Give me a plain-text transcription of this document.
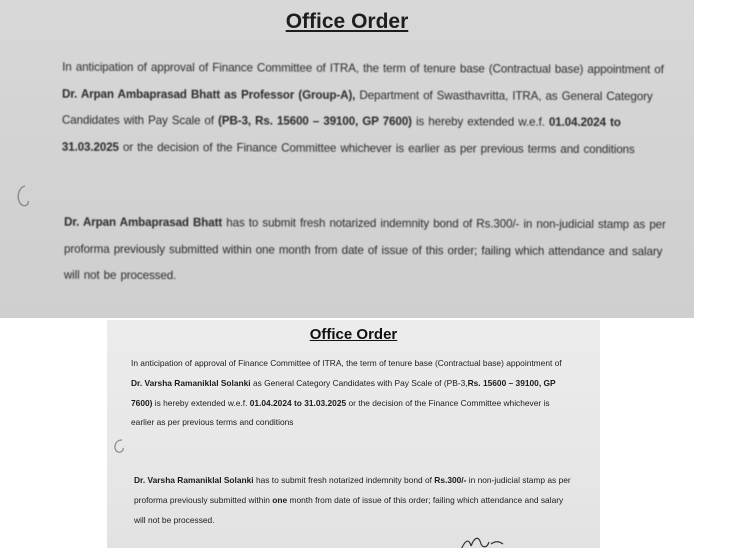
Office Order

In anticipation of approval of Finance Committee of ITRA, the term of tenure base (Contractual base) appointment of Dr. Arpan Ambaprasad Bhatt as Professor (Group-A), Department of Swasthavritta, ITRA, as General Category Candidates with Pay Scale of (PB-3, Rs. 15600 – 39100, GP 7600) is hereby extended w.e.f. 01.04.2024 to 31.03.2025 or the decision of the Finance Committee whichever is earlier as per previous terms and conditions

Dr. Arpan Ambaprasad Bhatt has to submit fresh notarized indemnity bond of Rs.300/- in non-judicial stamp as per proforma previously submitted within one month from date of issue of this order; failing which attendance and salary will not be processed.

Office Order

In anticipation of approval of Finance Committee of ITRA, the term of tenure base (Contractual base) appointment of Dr. Varsha Ramaniklal Solanki as General Category Candidates with Pay Scale of (PB-3,Rs. 15600 – 39100, GP 7600) is hereby extended w.e.f. 01.04.2024 to 31.03.2025 or the decision of the Finance Committee whichever is earlier as per previous terms and conditions

Dr. Varsha Ramaniklal Solanki has to submit fresh notarized indemnity bond of Rs.300/- in non-judicial stamp as per proforma previously submitted within one month from date of issue of this order; failing which attendance and salary will not be processed.
